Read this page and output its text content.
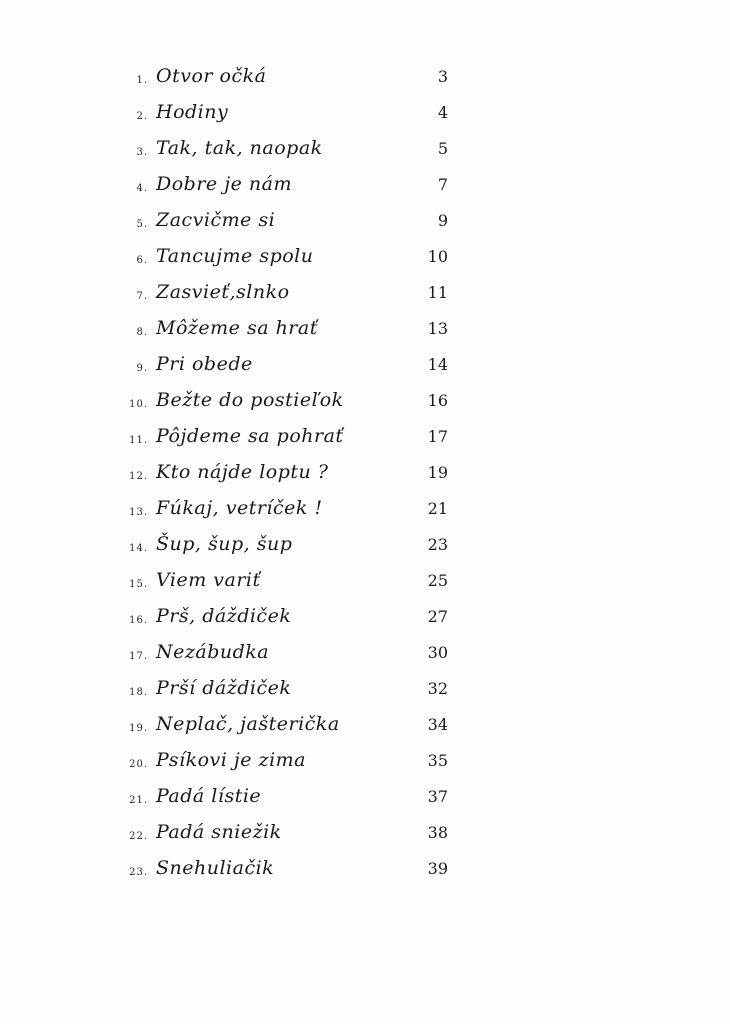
1. Otvor očká	3
2. Hodiny	4
3. Tak, tak, naopak	5
4. Dobre je nám	7
5. Zacvičme si	9
6. Tancujme spolu	10
7. Zasvieť,slnko	11
8. Môžeme sa hrať	13
9. Pri obede	14
10. Bežte do postieľok	16
11. Pôjdeme sa pohrať	17
12. Kto nájde loptu ?	19
13. Fúkaj, vetríček !	21
14. Šup, šup, šup	23
15. Viem variť	25
16. Prš, dáždiček	27
17. Nezábudka	30
18. Prší dáždiček	32
19. Neplač, jašterička	34
20. Psíkovi je zima	35
21. Padá lístie	37
22. Padá sniežik	38
23. Snehuliačik	39
